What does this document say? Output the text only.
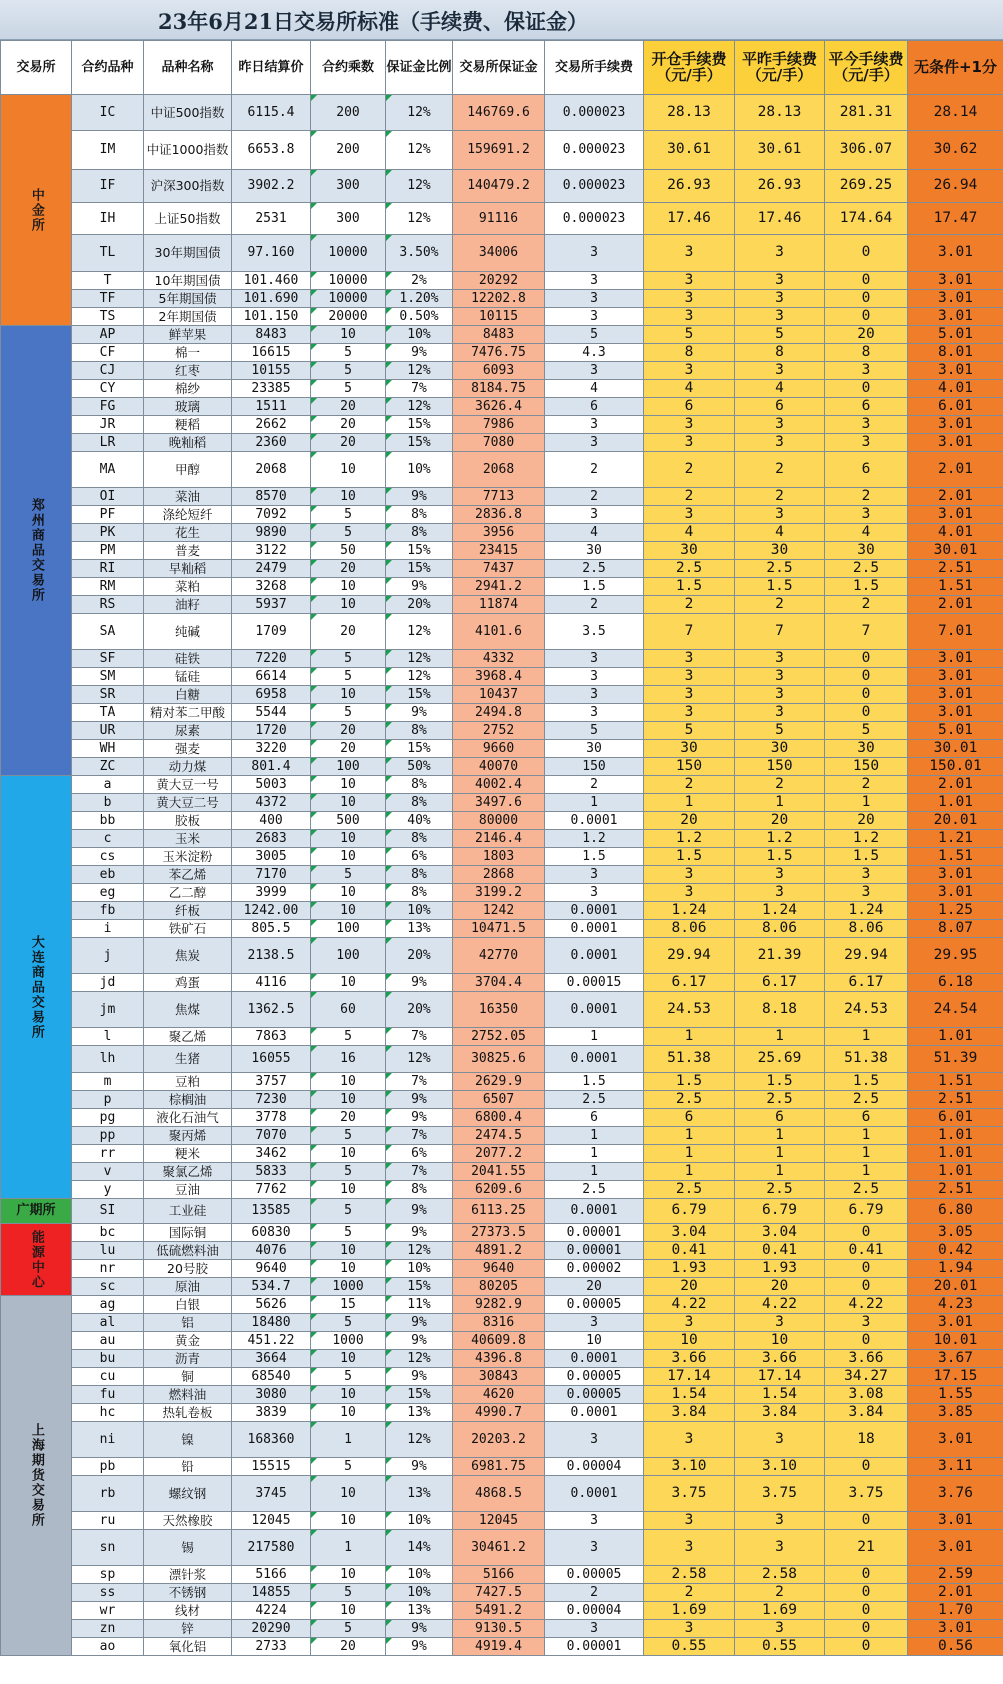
23年6月21日交易所标准（手续费、保证金）
交易所	合约品种	品种名称	昨日结算价	合约乘数	保证金比例	交易所保证金	交易所手续费	开仓手续费（元/手）	平昨手续费（元/手）	平今手续费（元/手）	无条件+1分
中金所	IC	中证500指数	6115.4	200	12%	146769.6	0.000023	28.13	28.13	281.31	28.14
	IM	中证1000指数	6653.8	200	12%	159691.2	0.000023	30.61	30.61	306.07	30.62
	IF	沪深300指数	3902.2	300	12%	140479.2	0.000023	26.93	26.93	269.25	26.94
	IH	上证50指数	2531	300	12%	91116	0.000023	17.46	17.46	174.64	17.47
	TL	30年期国债	97.160	10000	3.50%	34006	3	3	3	0	3.01
	T	10年期国债	101.460	10000	2%	20292	3	3	3	0	3.01
	TF	5年期国债	101.690	10000	1.20%	12202.8	3	3	3	0	3.01
	TS	2年期国债	101.150	20000	0.50%	10115	3	3	3	0	3.01
郑州商品交易所	AP	鲜苹果	8483	10	10%	8483	5	5	5	20	5.01
	CF	棉一	16615	5	9%	7476.75	4.3	8	8	8	8.01
	CJ	红枣	10155	5	12%	6093	3	3	3	3	3.01
	CY	棉纱	23385	5	7%	8184.75	4	4	4	0	4.01
	FG	玻璃	1511	20	12%	3626.4	6	6	6	6	6.01
	JR	粳稻	2662	20	15%	7986	3	3	3	3	3.01
	LR	晚籼稻	2360	20	15%	7080	3	3	3	3	3.01
	MA	甲醇	2068	10	10%	2068	2	2	2	6	2.01
	OI	菜油	8570	10	9%	7713	2	2	2	2	2.01
	PF	涤纶短纤	7092	5	8%	2836.8	3	3	3	3	3.01
	PK	花生	9890	5	8%	3956	4	4	4	4	4.01
	PM	普麦	3122	50	15%	23415	30	30	30	30	30.01
	RI	早籼稻	2479	20	15%	7437	2.5	2.5	2.5	2.5	2.51
	RM	菜粕	3268	10	9%	2941.2	1.5	1.5	1.5	1.5	1.51
	RS	油籽	5937	10	20%	11874	2	2	2	2	2.01
	SA	纯碱	1709	20	12%	4101.6	3.5	7	7	7	7.01
	SF	硅铁	7220	5	12%	4332	3	3	3	0	3.01
	SM	锰硅	6614	5	12%	3968.4	3	3	3	0	3.01
	SR	白糖	6958	10	15%	10437	3	3	3	0	3.01
	TA	精对苯二甲酸	5544	5	9%	2494.8	3	3	3	0	3.01
	UR	尿素	1720	20	8%	2752	5	5	5	5	5.01
	WH	强麦	3220	20	15%	9660	30	30	30	30	30.01
	ZC	动力煤	801.4	100	50%	40070	150	150	150	150	150.01
大连商品交易所	a	黄大豆一号	5003	10	8%	4002.4	2	2	2	2	2.01
	b	黄大豆二号	4372	10	8%	3497.6	1	1	1	1	1.01
	bb	胶板	400	500	40%	80000	0.0001	20	20	20	20.01
	c	玉米	2683	10	8%	2146.4	1.2	1.2	1.2	1.2	1.21
	cs	玉米淀粉	3005	10	6%	1803	1.5	1.5	1.5	1.5	1.51
	eb	苯乙烯	7170	5	8%	2868	3	3	3	3	3.01
	eg	乙二醇	3999	10	8%	3199.2	3	3	3	3	3.01
	fb	纤板	1242.00	10	10%	1242	0.0001	1.24	1.24	1.24	1.25
	i	铁矿石	805.5	100	13%	10471.5	0.0001	8.06	8.06	8.06	8.07
	j	焦炭	2138.5	100	20%	42770	0.0001	29.94	21.39	29.94	29.95
	jd	鸡蛋	4116	10	9%	3704.4	0.00015	6.17	6.17	6.17	6.18
	jm	焦煤	1362.5	60	20%	16350	0.0001	24.53	8.18	24.53	24.54
	l	聚乙烯	7863	5	7%	2752.05	1	1	1	1	1.01
	lh	生猪	16055	16	12%	30825.6	0.0001	51.38	25.69	51.38	51.39
	m	豆粕	3757	10	7%	2629.9	1.5	1.5	1.5	1.5	1.51
	p	棕榈油	7230	10	9%	6507	2.5	2.5	2.5	2.5	2.51
	pg	液化石油气	3778	20	9%	6800.4	6	6	6	6	6.01
	pp	聚丙烯	7070	5	7%	2474.5	1	1	1	1	1.01
	rr	粳米	3462	10	6%	2077.2	1	1	1	1	1.01
	v	聚氯乙烯	5833	5	7%	2041.55	1	1	1	1	1.01
	y	豆油	7762	10	8%	6209.6	2.5	2.5	2.5	2.5	2.51
广期所	SI	工业硅	13585	5	9%	6113.25	0.0001	6.79	6.79	6.79	6.80
能源中心	bc	国际铜	60830	5	9%	27373.5	0.00001	3.04	3.04	0	3.05
	lu	低硫燃料油	4076	10	12%	4891.2	0.00001	0.41	0.41	0.41	0.42
	nr	20号胶	9640	10	10%	9640	0.00002	1.93	1.93	0	1.94
	sc	原油	534.7	1000	15%	80205	20	20	20	0	20.01
上海期货交易所	ag	白银	5626	15	11%	9282.9	0.00005	4.22	4.22	4.22	4.23
	al	铝	18480	5	9%	8316	3	3	3	3	3.01
	au	黄金	451.22	1000	9%	40609.8	10	10	10	0	10.01
	bu	沥青	3664	10	12%	4396.8	0.0001	3.66	3.66	3.66	3.67
	cu	铜	68540	5	9%	30843	0.00005	17.14	17.14	34.27	17.15
	fu	燃料油	3080	10	15%	4620	0.00005	1.54	1.54	3.08	1.55
	hc	热轧卷板	3839	10	13%	4990.7	0.0001	3.84	3.84	3.84	3.85
	ni	镍	168360	1	12%	20203.2	3	3	3	18	3.01
	pb	铅	15515	5	9%	6981.75	0.00004	3.10	3.10	0	3.11
	rb	螺纹钢	3745	10	13%	4868.5	0.0001	3.75	3.75	3.75	3.76
	ru	天然橡胶	12045	10	10%	12045	3	3	3	0	3.01
	sn	锡	217580	1	14%	30461.2	3	3	3	21	3.01
	sp	漂针浆	5166	10	10%	5166	0.00005	2.58	2.58	0	2.59
	ss	不锈钢	14855	5	10%	7427.5	2	2	2	0	2.01
	wr	线材	4224	10	13%	5491.2	0.00004	1.69	1.69	0	1.70
	zn	锌	20290	5	9%	9130.5	3	3	3	0	3.01
	ao	氧化铝	2733	20	9%	4919.4	0.00001	0.55	0.55	0	0.56
